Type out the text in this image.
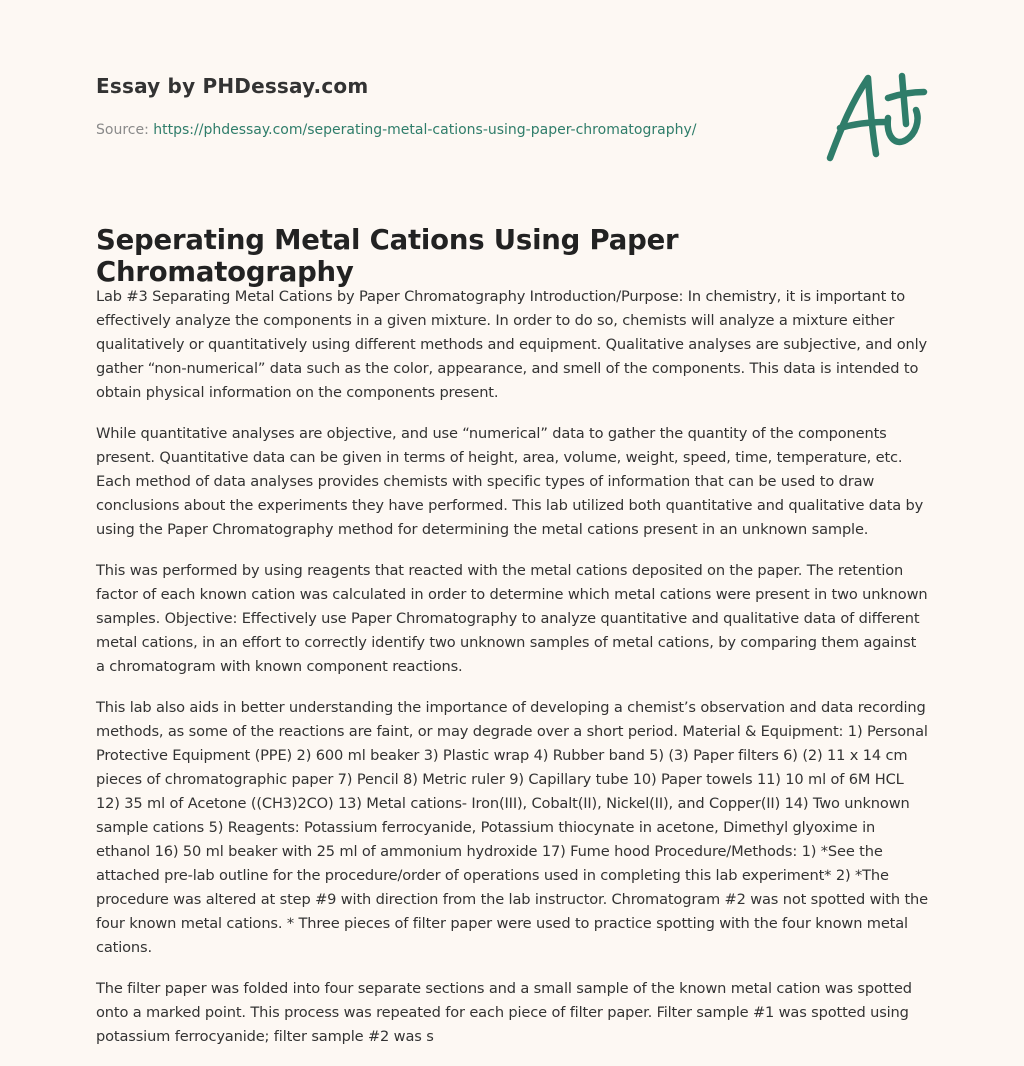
Essay by PHDessay.com
Source: https://phdessay.com/seperating-metal-cations-using-paper-chromatography/
Seperating Metal Cations Using Paper Chromatography

Lab #3 Separating Metal Cations by Paper Chromatography Introduction/Purpose: In chemistry, it is important to effectively analyze the components in a given mixture. In order to do so, chemists will analyze a mixture either qualitatively or quantitatively using different methods and equipment. Qualitative analyses are subjective, and only gather “non-numerical” data such as the color, appearance, and smell of the components. This data is intended to obtain physical information on the components present.

While quantitative analyses are objective, and use “numerical” data to gather the quantity of the components present. Quantitative data can be given in terms of height, area, volume, weight, speed, time, temperature, etc. Each method of data analyses provides chemists with specific types of information that can be used to draw conclusions about the experiments they have performed. This lab utilized both quantitative and qualitative data by using the Paper Chromatography method for determining the metal cations present in an unknown sample.

This was performed by using reagents that reacted with the metal cations deposited on the paper. The retention factor of each known cation was calculated in order to determine which metal cations were present in two unknown samples. Objective: Effectively use Paper Chromatography to analyze quantitative and qualitative data of different metal cations, in an effort to correctly identify two unknown samples of metal cations, by comparing them against a chromatogram with known component reactions.

This lab also aids in better understanding the importance of developing a chemist’s observation and data recording methods, as some of the reactions are faint, or may degrade over a short period. Material & Equipment: 1) Personal Protective Equipment (PPE) 2) 600 ml beaker 3) Plastic wrap 4) Rubber band 5) (3) Paper filters 6) (2) 11 x 14 cm pieces of chromatographic paper 7) Pencil 8) Metric ruler 9) Capillary tube 10) Paper towels 11) 10 ml of 6M HCL 12) 35 ml of Acetone ((CH3)2CO) 13) Metal cations- Iron(III), Cobalt(II), Nickel(II), and Copper(II) 14) Two unknown sample cations 5) Reagents: Potassium ferrocyanide, Potassium thiocynate in acetone, Dimethyl glyoxime in ethanol 16) 50 ml beaker with 25 ml of ammonium hydroxide 17) Fume hood Procedure/Methods: 1) *See the attached pre-lab outline for the procedure/order of operations used in completing this lab experiment* 2) *The procedure was altered at step #9 with direction from the lab instructor. Chromatogram #2 was not spotted with the four known metal cations. * Three pieces of filter paper were used to practice spotting with the four known metal cations.

The filter paper was folded into four separate sections and a small sample of the known metal cation was spotted onto a marked point. This process was repeated for each piece of filter paper. Filter sample #1 was spotted using potassium ferrocyanide; filter sample #2 was s
